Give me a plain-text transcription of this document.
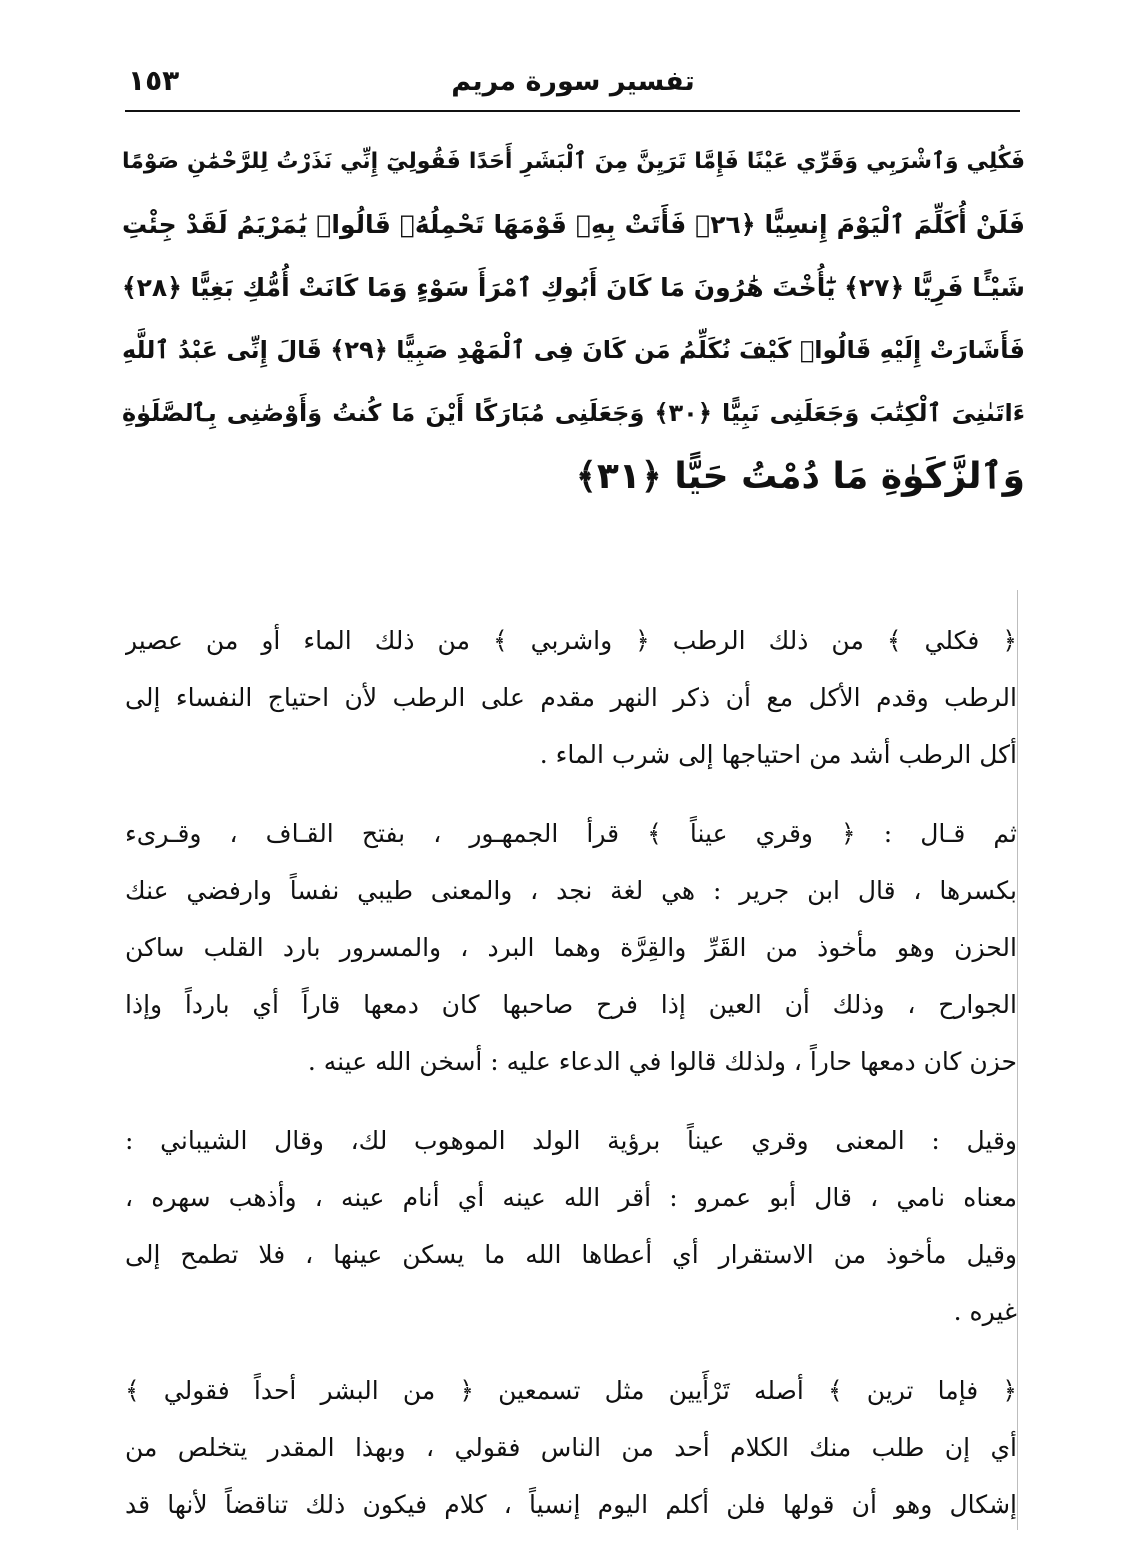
تفسير سورة مريم
١٥٣
فَكُلِي وَٱشْرَبِي وَقَرِّي عَيْنًا فَإِمَّا تَرَيِنَّ مِنَ ٱلْبَشَرِ أَحَدًا فَقُولِيٓ إِنِّي نَذَرْتُ لِلرَّحْمَٰنِ صَوْمًا
فَلَنْ أُكَلِّمَ ٱلْيَوْمَ إِنسِيًّا ﴿٢٦﴾ فَأَتَتْ بِهِۦ قَوْمَهَا تَحْمِلُهُۥ قَالُوا۟ يَٰمَرْيَمُ لَقَدْ جِئْتِ
شَيْـًٔا فَرِيًّا ﴿٢٧﴾ يَٰٓأُخْتَ هَٰرُونَ مَا كَانَ أَبُوكِ ٱمْرَأَ سَوْءٍ وَمَا كَانَتْ أُمُّكِ بَغِيًّا ﴿٢٨﴾
فَأَشَارَتْ إِلَيْهِ قَالُوا۟ كَيْفَ نُكَلِّمُ مَن كَانَ فِى ٱلْمَهْدِ صَبِيًّا ﴿٢٩﴾ قَالَ إِنِّى عَبْدُ ٱللَّهِ
ءَاتَىٰنِىَ ٱلْكِتَٰبَ وَجَعَلَنِى نَبِيًّا ﴿٣٠﴾ وَجَعَلَنِى مُبَارَكًا أَيْنَ مَا كُنتُ وَأَوْصَٰنِى بِٱلصَّلَوٰةِ
وَٱلزَّكَوٰةِ مَا دُمْتُ حَيًّا ﴿٣١﴾
﴿ فكلي ﴾ من ذلك الرطب ﴿ واشربي ﴾ من ذلك الماء أو من عصير
الرطب وقدم الأكل مع أن ذكر النهر مقدم على الرطب لأن احتياج النفساء إلى
أكل الرطب أشد من احتياجها إلى شرب الماء .
ثم قـال : ﴿ وقري عيناً ﴾ قرأ الجمهـور ، بفتح القـاف ، وقـرىء
بكسرها ، قال ابن جرير : هي لغة نجد ، والمعنى طيبي نفساً وارفضي عنك
الحزن وهو مأخوذ من القَرِّ والقِرَّة وهما البرد ، والمسرور بارد القلب ساكن
الجوارح ، وذلك أن العين إذا فرح صاحبها كان دمعها قاراً أي بارداً وإذا
حزن كان دمعها حاراً ، ولذلك قالوا في الدعاء عليه : أسخن الله عينه .
وقيل : المعنى وقري عيناً برؤية الولد الموهوب لك، وقال الشيباني :
معناه نامي ، قال أبو عمرو : أقر الله عينه أي أنام عينه ، وأذهب سهره ،
وقيل مأخوذ من الاستقرار أي أعطاها الله ما يسكن عينها ، فلا تطمح إلى
غيره .
﴿ فإما ترين ﴾ أصله تَرْأَيين مثل تسمعين ﴿ من البشر أحداً فقولي ﴾
أي إن طلب منك الكلام أحد من الناس فقولي ، وبهذا المقدر يتخلص من
إشكال وهو أن قولها فلن أكلم اليوم إنسياً ، كلام فيكون ذلك تناقضاً لأنها قد
